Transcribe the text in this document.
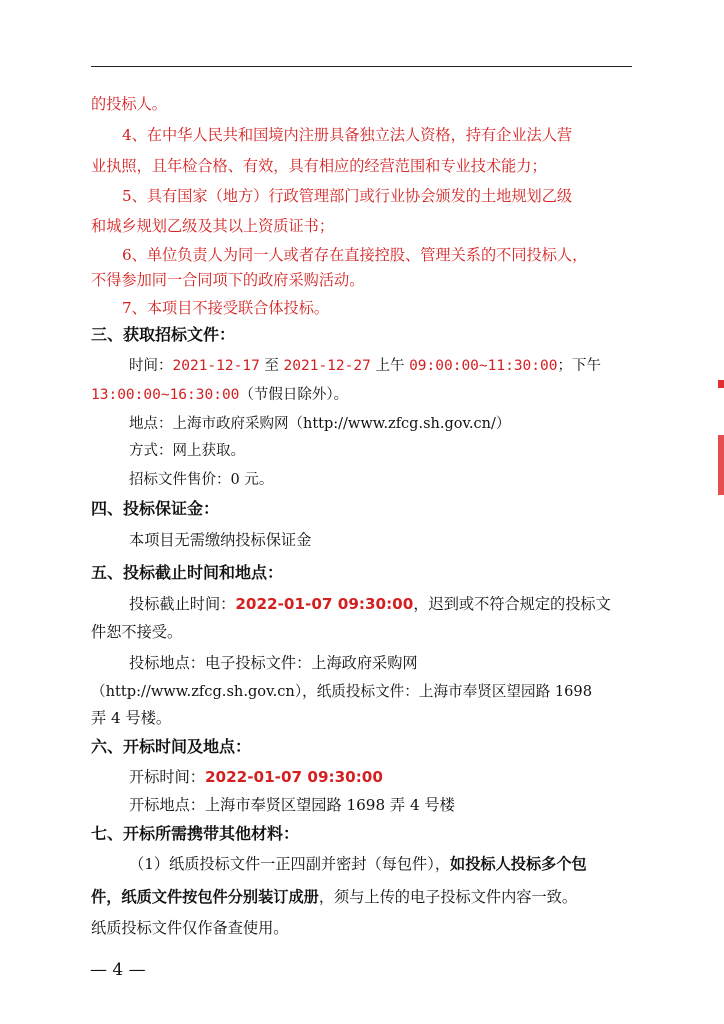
的投标人。
4、在中华人民共和国境内注册具备独立法人资格，持有企业法人营
业执照，且年检合格、有效，具有相应的经营范围和专业技术能力；
5、具有国家（地方）行政管理部门或行业协会颁发的土地规划乙级
和城乡规划乙级及其以上资质证书；
6、单位负责人为同一人或者存在直接控股、管理关系的不同投标人，
不得参加同一合同项下的政府采购活动。
7、本项目不接受联合体投标。
三、获取招标文件：
时间：2021-12-17 至 2021-12-27 上午 09:00:00~11:30:00；下午
13:00:00~16:30:00（节假日除外）。
地点：上海市政府采购网（http://www.zfcg.sh.gov.cn/）
方式：网上获取。
招标文件售价：0 元。
四、投标保证金：
本项目无需缴纳投标保证金
五、投标截止时间和地点：
投标截止时间：2022-01-07 09:30:00，迟到或不符合规定的投标文
件恕不接受。
投标地点：电子投标文件：上海政府采购网
（http://www.zfcg.sh.gov.cn），纸质投标文件：上海市奉贤区望园路 1698
弄 4 号楼。
六、开标时间及地点：
开标时间：2022-01-07 09:30:00
开标地点：上海市奉贤区望园路 1698 弄 4 号楼
七、开标所需携带其他材料：
（1）纸质投标文件一正四副并密封（每包件），如投标人投标多个包
件，纸质文件按包件分别装订成册，须与上传的电子投标文件内容一致。
纸质投标文件仅作备查使用。
— 4 —
